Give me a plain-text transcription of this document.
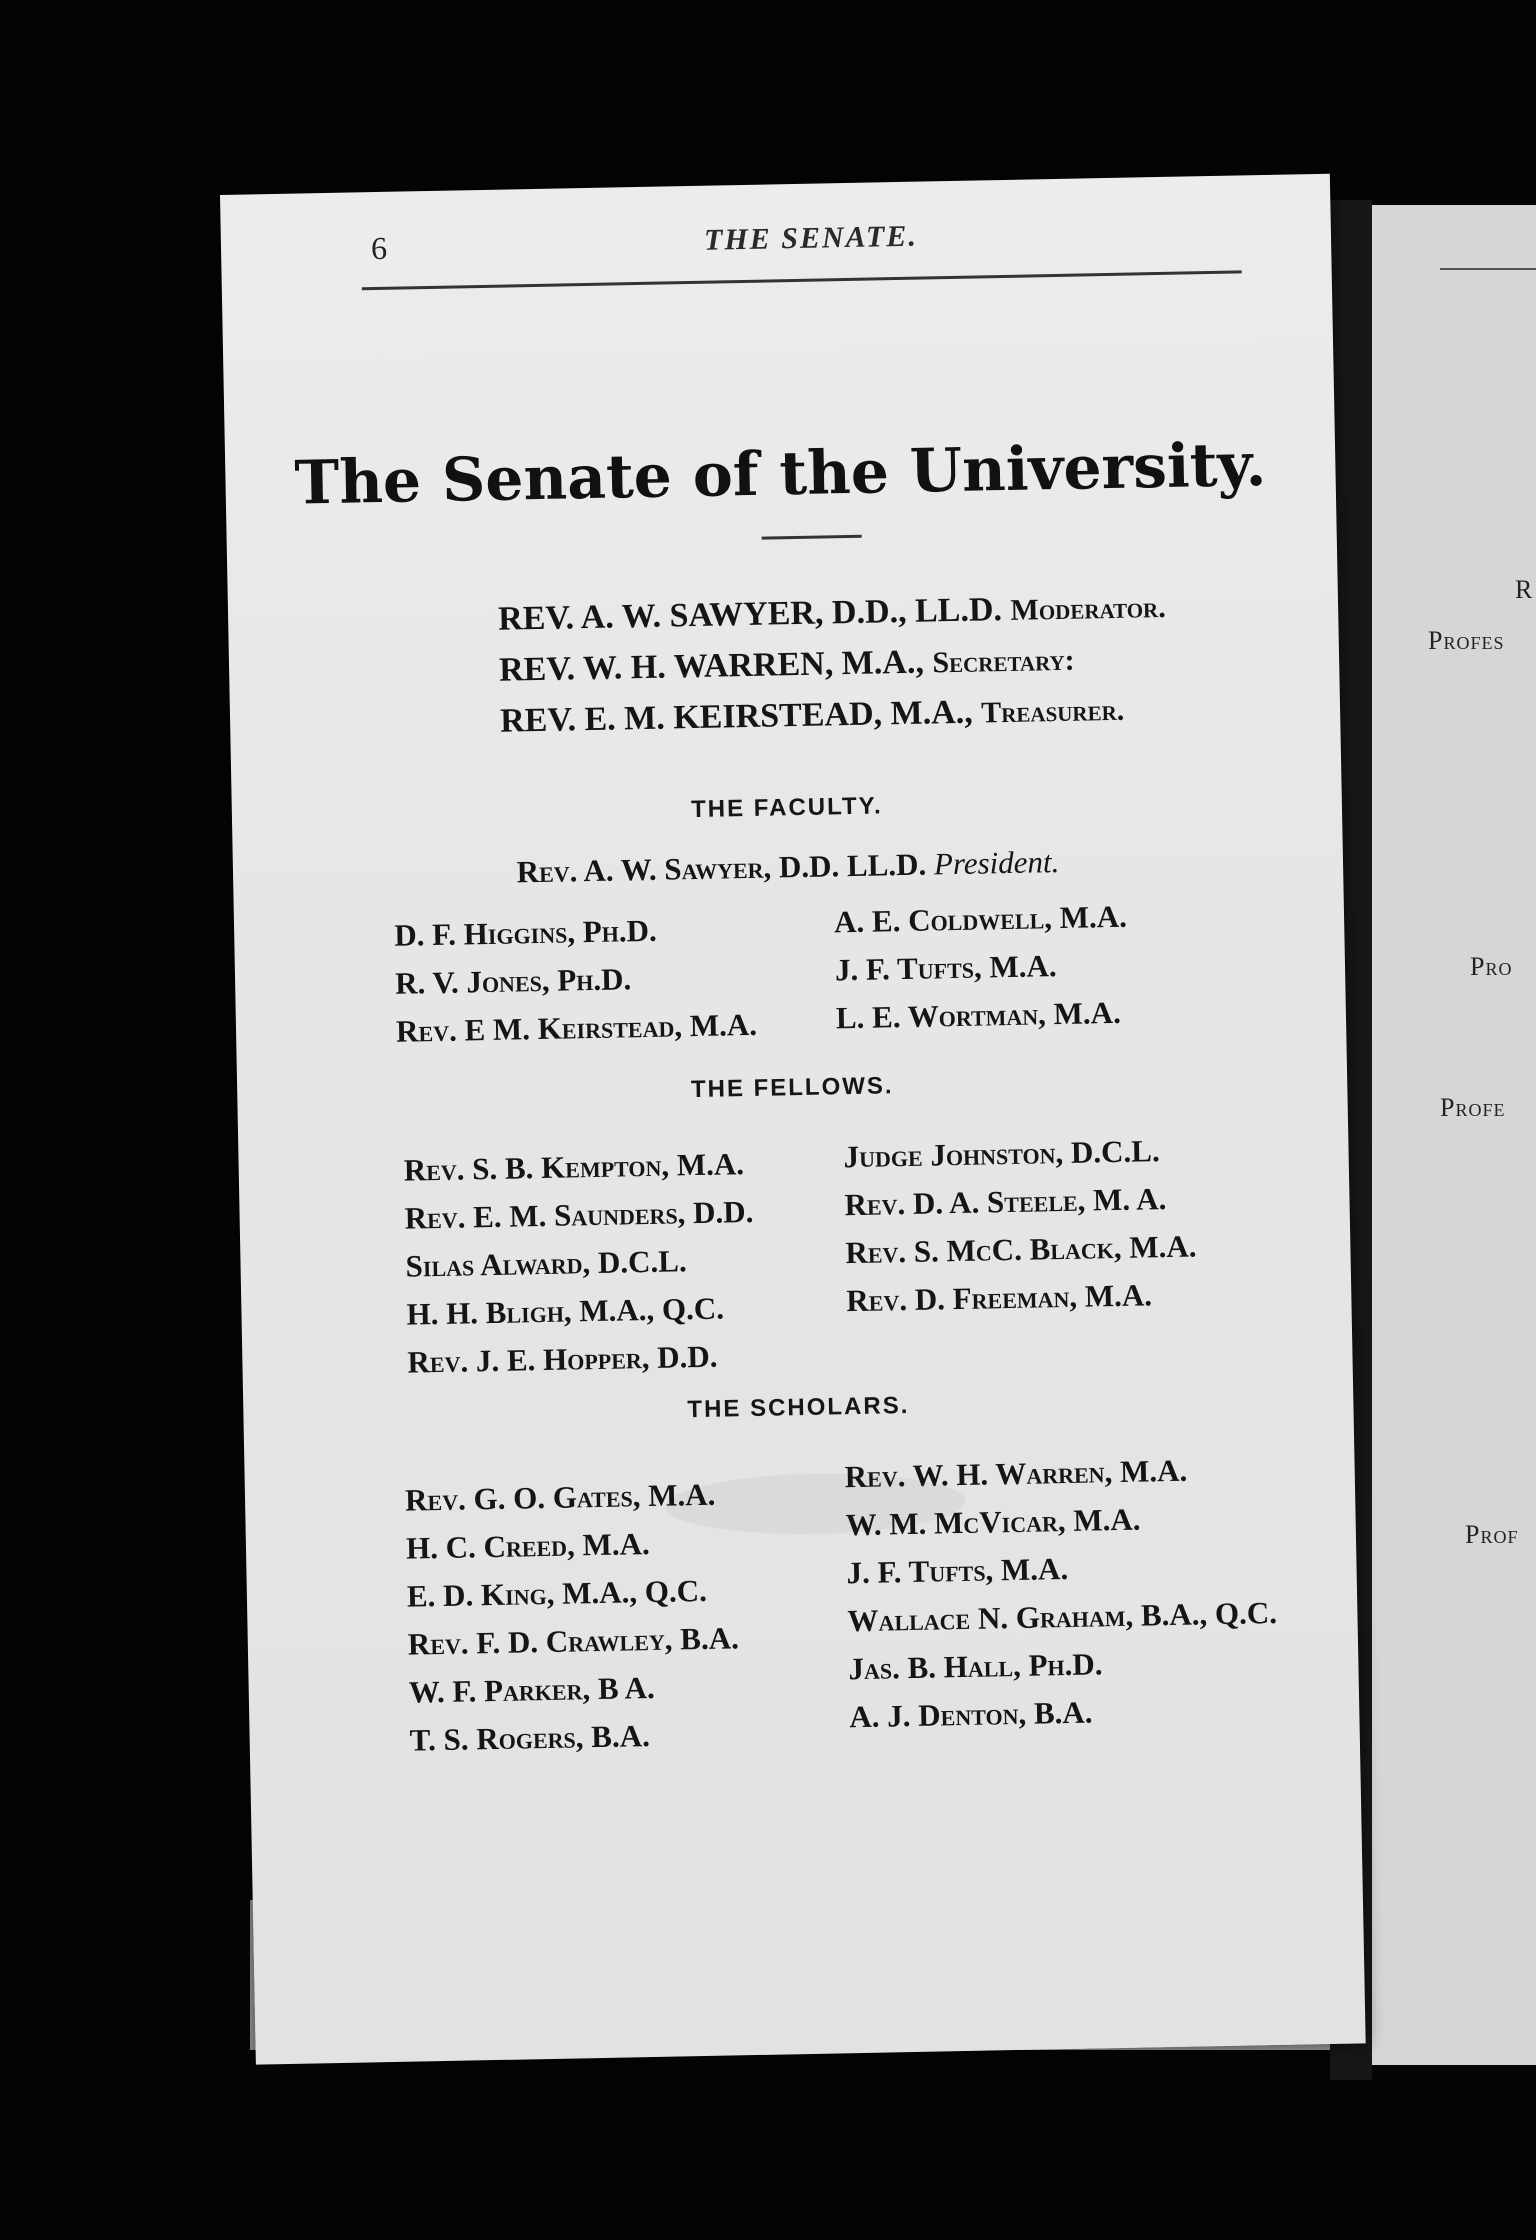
R
Profes
Pro
Profe
Prof
6	THE SENATE.
The Senate of the University.
REV. A. W. SAWYER, D.D., LL.D. Moderator.
REV. W. H. WARREN, M.A., Secretary:
REV. E. M. KEIRSTEAD, M.A., Treasurer.
THE FACULTY.
Rev. A. W. Sawyer, D.D. LL.D. President.
D. F. Higgins, Ph.D.
R. V. Jones, Ph.D.
Rev. E M. Keirstead, M.A.
A. E. Coldwell, M.A.
J. F. Tufts, M.A.
L. E. Wortman, M.A.
THE FELLOWS.
Rev. S. B. Kempton, M.A.
Rev. E. M. Saunders, D.D.
Silas Alward, D.C.L.
H. H. Bligh, M.A., Q.C.
Rev. J. E. Hopper, D.D.
Judge Johnston, D.C.L.
Rev. D. A. Steele, M. A.
Rev. S. McC. Black, M.A.
Rev. D. Freeman, M.A.
THE SCHOLARS.
Rev. G. O. Gates, M.A.
H. C. Creed, M.A.
E. D. King, M.A., Q.C.
Rev. F. D. Crawley, B.A.
W. F. Parker, B A.
T. S. Rogers, B.A.
Rev. W. H. Warren, M.A.
W. M. McVicar, M.A.
J. F. Tufts, M.A.
Wallace N. Graham, B.A., Q.C.
Jas. B. Hall, Ph.D.
A. J. Denton, B.A.
